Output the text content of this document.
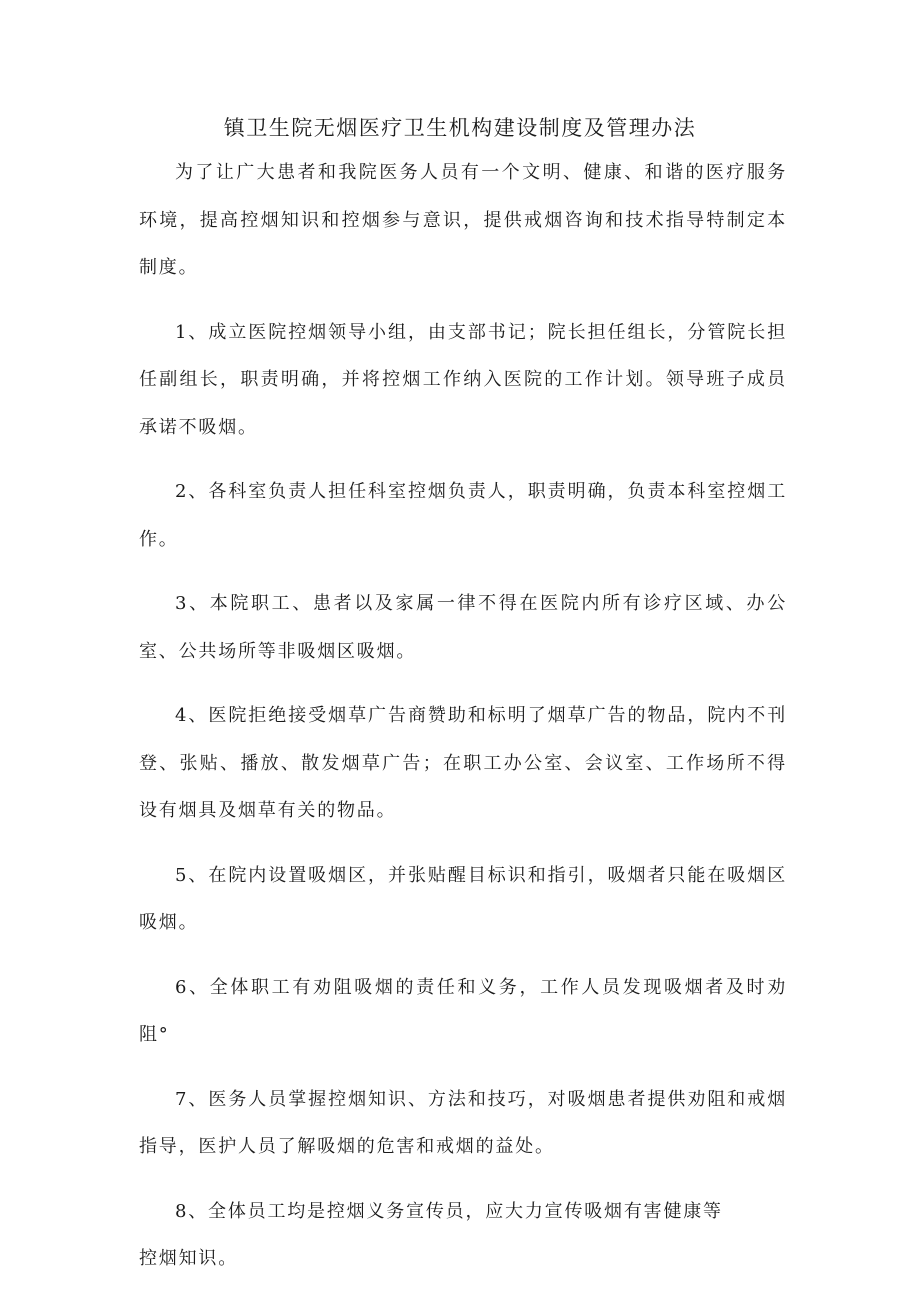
镇卫生院无烟医疗卫生机构建设制度及管理办法

为了让广大患者和我院医务人员有一个文明、健康、和谐的医疗服务环境，提高控烟知识和控烟参与意识，提供戒烟咨询和技术指导特制定本制度。

1、成立医院控烟领导小组，由支部书记；院长担任组长，分管院长担任副组长，职责明确，并将控烟工作纳入医院的工作计划。领导班子成员承诺不吸烟。

2、各科室负责人担任科室控烟负责人，职责明确，负责本科室控烟工作。

3、本院职工、患者以及家属一律不得在医院内所有诊疗区域、办公室、公共场所等非吸烟区吸烟。

4、医院拒绝接受烟草广告商赞助和标明了烟草广告的物品，院内不刊登、张贴、播放、散发烟草广告；在职工办公室、会议室、工作场所不得设有烟具及烟草有关的物品。

5、在院内设置吸烟区，并张贴醒目标识和指引，吸烟者只能在吸烟区吸烟。

6、全体职工有劝阻吸烟的责任和义务，工作人员发现吸烟者及时劝阻°

7、医务人员掌握控烟知识、方法和技巧，对吸烟患者提供劝阻和戒烟指导，医护人员了解吸烟的危害和戒烟的益处。

8、全体员工均是控烟义务宣传员，应大力宣传吸烟有害健康等
控烟知识。
